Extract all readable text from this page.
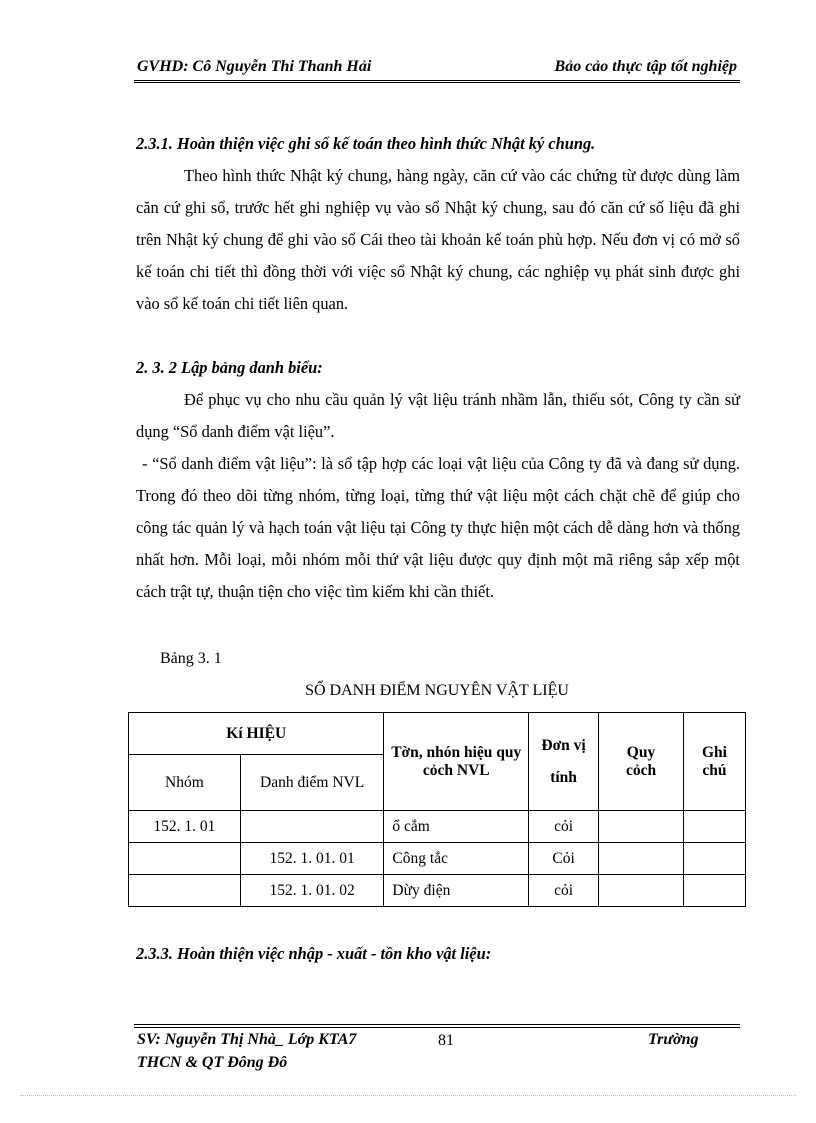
GVHD: Cô Nguyễn Thi Thanh Hải	Bảo cảo thực tập tốt nghiệp

2.3.1. Hoàn thiện việc ghi sổ kế toán theo hình thức Nhật ký chung.

Theo hình thức Nhật ký chung, hàng ngày, căn cứ vào các chứng từ được dùng làm căn cứ ghi sổ, trước hết ghi nghiệp vụ vào sổ Nhật ký chung, sau đó căn cứ số liệu đã ghi trên Nhật ký chung để ghi vào sổ Cái theo tài khoản kế toán phù hợp. Nếu đơn vị có mở sổ kế toán chi tiết thì đồng thời với việc sổ Nhật ký chung, các nghiệp vụ phát sinh được ghi vào sổ kế toán chi tiết liên quan.

2. 3. 2 Lập bảng danh biểu:

Để phục vụ cho nhu cầu quản lý vật liệu tránh nhầm lẫn, thiếu sót, Công ty cần sử dụng “Sổ danh điểm vật liệu”.

- “Sổ danh điểm vật liệu”: là sổ tập hợp các loại vật liệu của Công ty đã và đang sử dụng. Trong đó theo dõi từng nhóm, từng loại, từng thứ vật liệu một cách chặt chẽ để giúp cho công tác quản lý và hạch toán vật liệu tại Công ty thực hiện một cách dễ dàng hơn và thống nhất hơn. Mỗi loại, mỗi nhóm mỗi thứ vật liệu được quy định một mã riêng sắp xếp một cách trật tự, thuận tiện cho việc tìm kiếm khi cần thiết.

Bảng 3. 1
SỔ DANH ĐIỂM NGUYÊN VẬT LIỆU
Kí HIỆU		Tờn, nhón hiệu quy cỏch NVL	Đơn vị tính	Quy cỏch	Ghi chú
Nhóm	Danh điểm NVL				
152. 1. 01		ổ cắm	cỏi		
	152. 1. 01. 01	Công tắc	Cỏi		
	152. 1. 01. 02	Dừy điện	cỏi		

2.3.3. Hoàn thiện việc nhập - xuất - tồn kho vật liệu:

SV: Nguyễn Thị Nhà_ Lớp KTA7	81	Trường
THCN & QT Đông Đô
